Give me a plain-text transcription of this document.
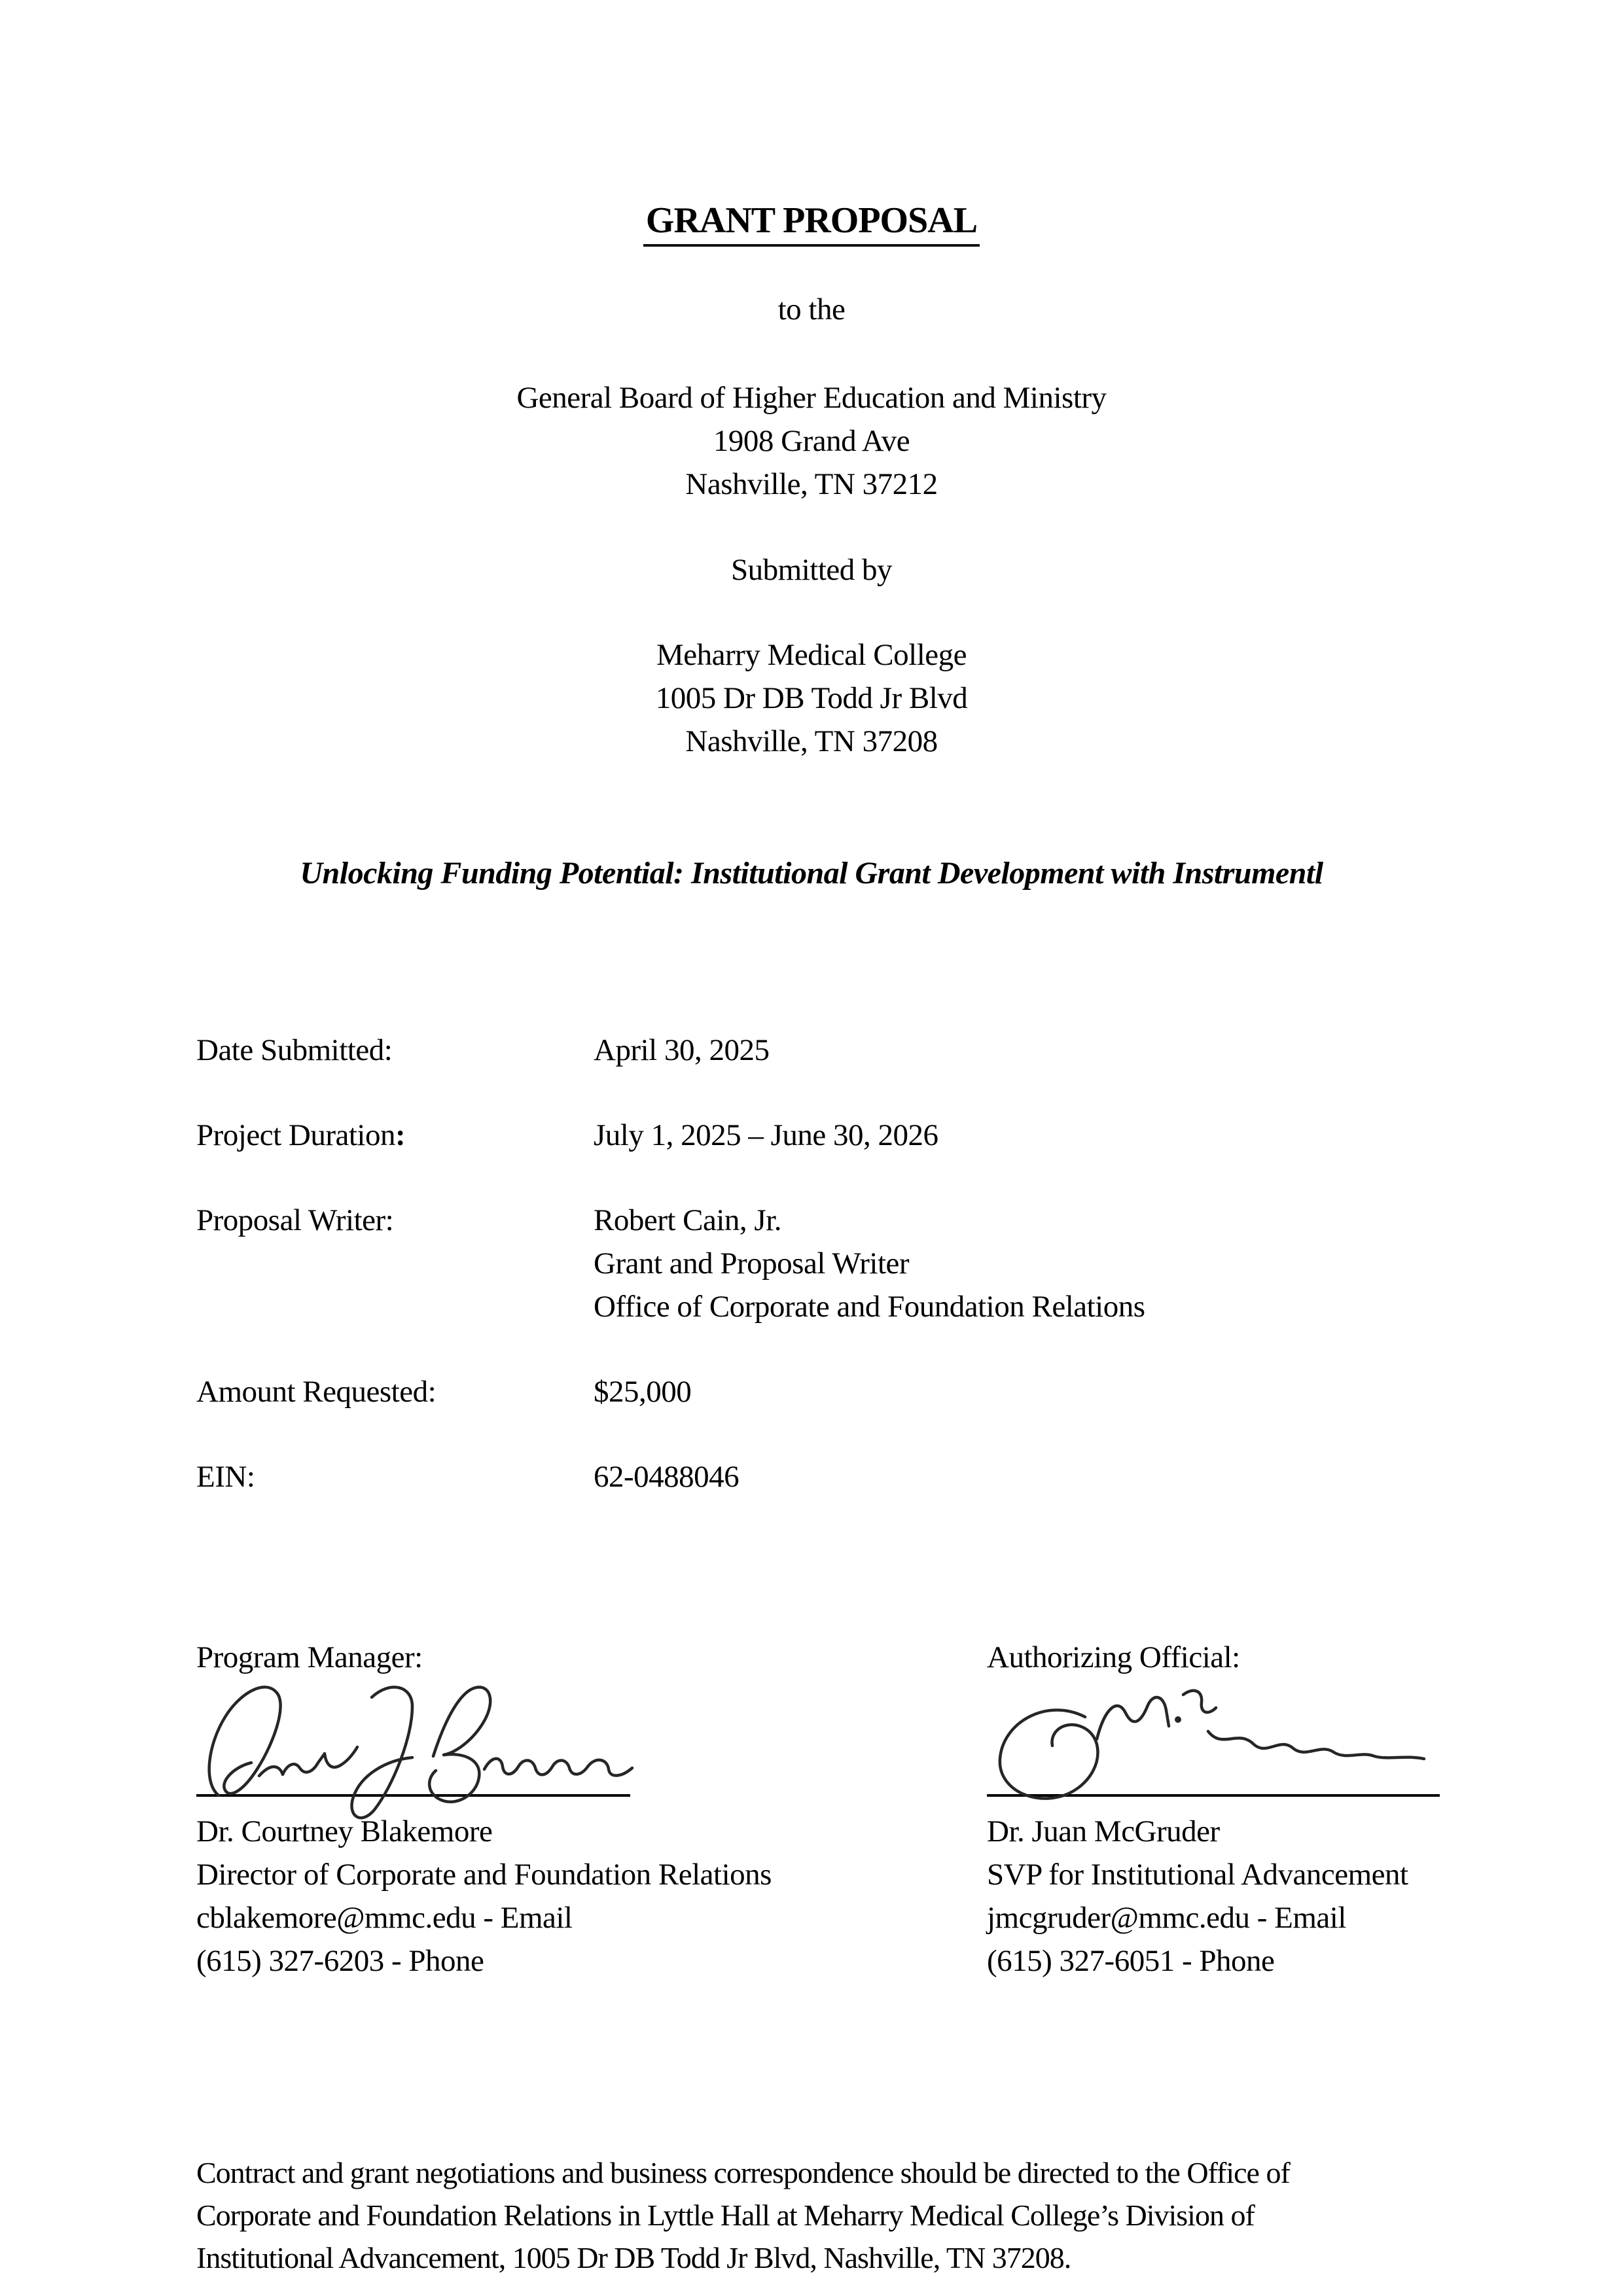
GRANT PROPOSAL
to the
General Board of Higher Education and Ministry
1908 Grand Ave
Nashville, TN 37212
Submitted by
Meharry Medical College
1005 Dr DB Todd Jr Blvd
Nashville, TN 37208
Unlocking Funding Potential: Institutional Grant Development with Instrumentl
Date Submitted:	April 30, 2025
Project Duration:	July 1, 2025 – June 30, 2026
Proposal Writer:	Robert Cain, Jr.
Grant and Proposal Writer
Office of Corporate and Foundation Relations
Amount Requested:	$25,000
EIN:	62-0488046
Program Manager:
Dr. Courtney Blakemore
Director of Corporate and Foundation Relations
cblakemore@mmc.edu - Email
(615) 327-6203 - Phone
Authorizing Official:
Dr. Juan McGruder
SVP for Institutional Advancement
jmcgruder@mmc.edu - Email
(615) 327-6051 - Phone
Contract and grant negotiations and business correspondence should be directed to the Office of
Corporate and Foundation Relations in Lyttle Hall at Meharry Medical College’s Division of
Institutional Advancement, 1005 Dr DB Todd Jr Blvd, Nashville, TN 37208.
